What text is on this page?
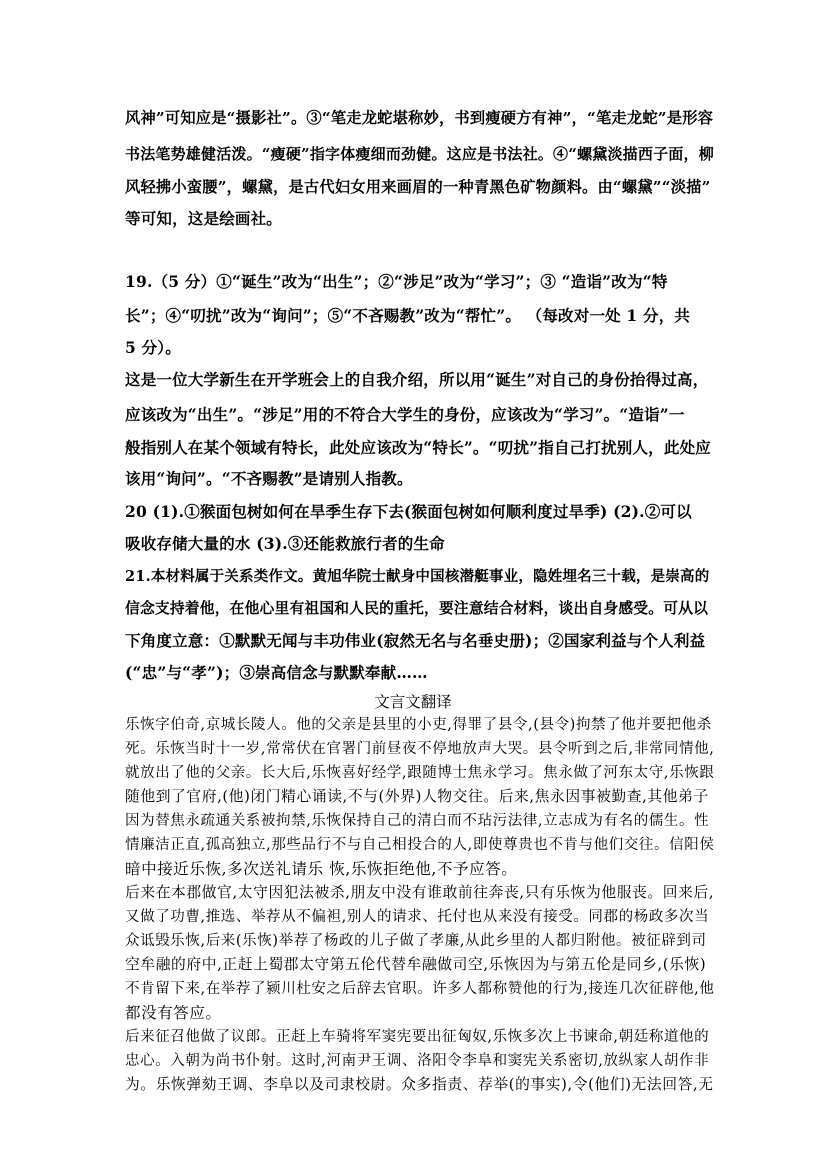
风神”可知应是“摄影社”。③“笔走龙蛇堪称妙，书到瘦硬方有神”，“笔走龙蛇”是形容
书法笔势雄健活泼。“瘦硬”指字体瘦细而劲健。这应是书法社。④“螺黛淡描西子面，柳
风轻拂小蛮腰”，螺黛，是古代妇女用来画眉的一种青黑色矿物颜料。由“螺黛”“淡描”
等可知，这是绘画社。
19.（5 分）①“诞生”改为“出生”；②“涉足”改为“学习”；③ “造诣”改为“特
长”；④“叨扰”改为“询问”；⑤“不吝赐教”改为“帮忙”。 （每改对一处 1 分，共
5 分）。
这是一位大学新生在开学班会上的自我介绍，所以用“诞生”对自己的身份抬得过高，
应该改为“出生”。“涉足”用的不符合大学生的身份，应该改为“学习”。“造诣”一
般指别人在某个领域有特长，此处应该改为“特长”。“叨扰”指自己打扰别人，此处应
该用“询问”。“不吝赐教”是请别人指教。
20 (1).①猴面包树如何在旱季生存下去(猴面包树如何顺利度过旱季) (2).②可以
吸收存储大量的水 (3).③还能救旅行者的生命
21.本材料属于关系类作文。黄旭华院士献身中国核潜艇事业，隐姓埋名三十载，是崇高的
信念支持着他，在他心里有祖国和人民的重托，要注意结合材料，谈出自身感受。可从以
下角度立意：①默默无闻与丰功伟业(寂然无名与名垂史册)；②国家利益与个人利益
(“忠”与“孝”)；③崇高信念与默默奉献……
文言文翻译
乐恢字伯奇,京城长陵人。他的父亲是县里的小吏,得罪了县令,(县令)拘禁了他并要把他杀
死。乐恢当时十一岁,常常伏在官署门前昼夜不停地放声大哭。县令听到之后,非常同情他,
就放出了他的父亲。长大后,乐恢喜好经学,跟随博士焦永学习。焦永做了河东太守,乐恢跟
随他到了官府,(他)闭门精心诵读,不与(外界)人物交往。后来,焦永因事被勤查,其他弟子
因为替焦永疏通关系被拘禁,乐恢保持自己的清白而不玷污法律,立志成为有名的儒生。性
情廉洁正直,孤高独立,那些品行不与自己相投合的人,即使尊贵也不肯与他们交往。信阳侯
暗中接近乐恢,多次送礼请乐 恢,乐恢拒绝他,不予应答。
后来在本郡做官,太守因犯法被杀,朋友中没有谁敢前往奔丧,只有乐恢为他服丧。回来后,
又做了功曹,推选、举荐从不偏袒,别人的请求、托付也从来没有接受。同郡的杨政多次当
众诋毁乐恢,后来(乐恢)举荐了杨政的儿子做了孝廉,从此乡里的人都归附他。被征辟到司
空牟融的府中,正赶上蜀郡太守第五伦代替牟融做司空,乐恢因为与第五伦是同乡,(乐恢)
不肯留下来,在举荐了颍川杜安之后辞去官职。许多人都称赞他的行为,接连几次征辟他,他
都没有答应。
后来征召他做了议郎。正赶上车骑将军窦宪要出征匈奴,乐恢多次上书谏命,朝廷称道他的
忠心。入朝为尚书仆射。这时,河南尹王调、洛阳令李阜和窦宪关系密切,放纵家人胡作非
为。乐恢弹劾王调、李阜以及司隶校尉。众多指责、荐举(的事实),令(他们)无法回答,无
